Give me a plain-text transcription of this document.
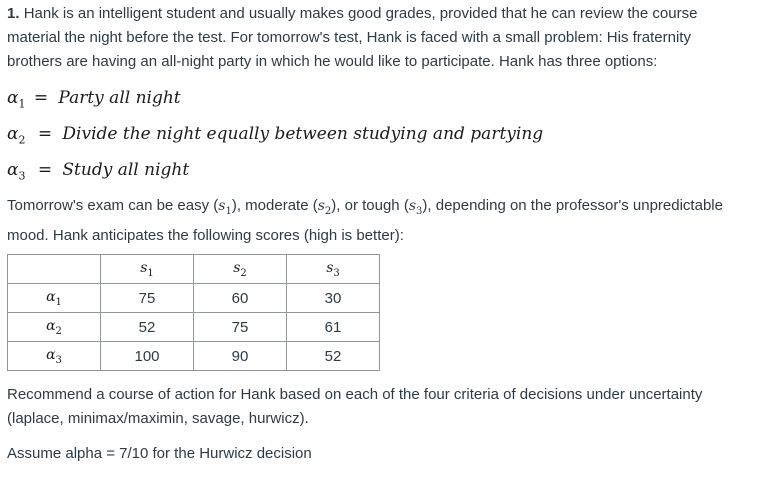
1. Hank is an intelligent student and usually makes good grades, provided that he can review the course
material the night before the test. For tomorrow's test, Hank is faced with a small problem: His fraternity
brothers are having an all-night party in which he would like to participate. Hank has three options:
$\alpha_1$ = Party all night
$\alpha_2$ = Divide the night equally between studying and partying
$\alpha_3$ = Study all night
Tomorrow's exam can be easy $(s_1)$, moderate $(s_2)$, or tough $(s_3)$, depending on the professor's unpredictable
mood. Hank anticipates the following scores (high is better):
	$s_1$	$s_2$	$s_3$
$\alpha_1$	75	60	30
$\alpha_2$	52	75	61
$\alpha_3$	100	90	52
Recommend a course of action for Hank based on each of the four criteria of decisions under uncertainty
(laplace, minimax/maximin, savage, hurwicz).
Assume alpha = 7/10 for the Hurwicz decision
